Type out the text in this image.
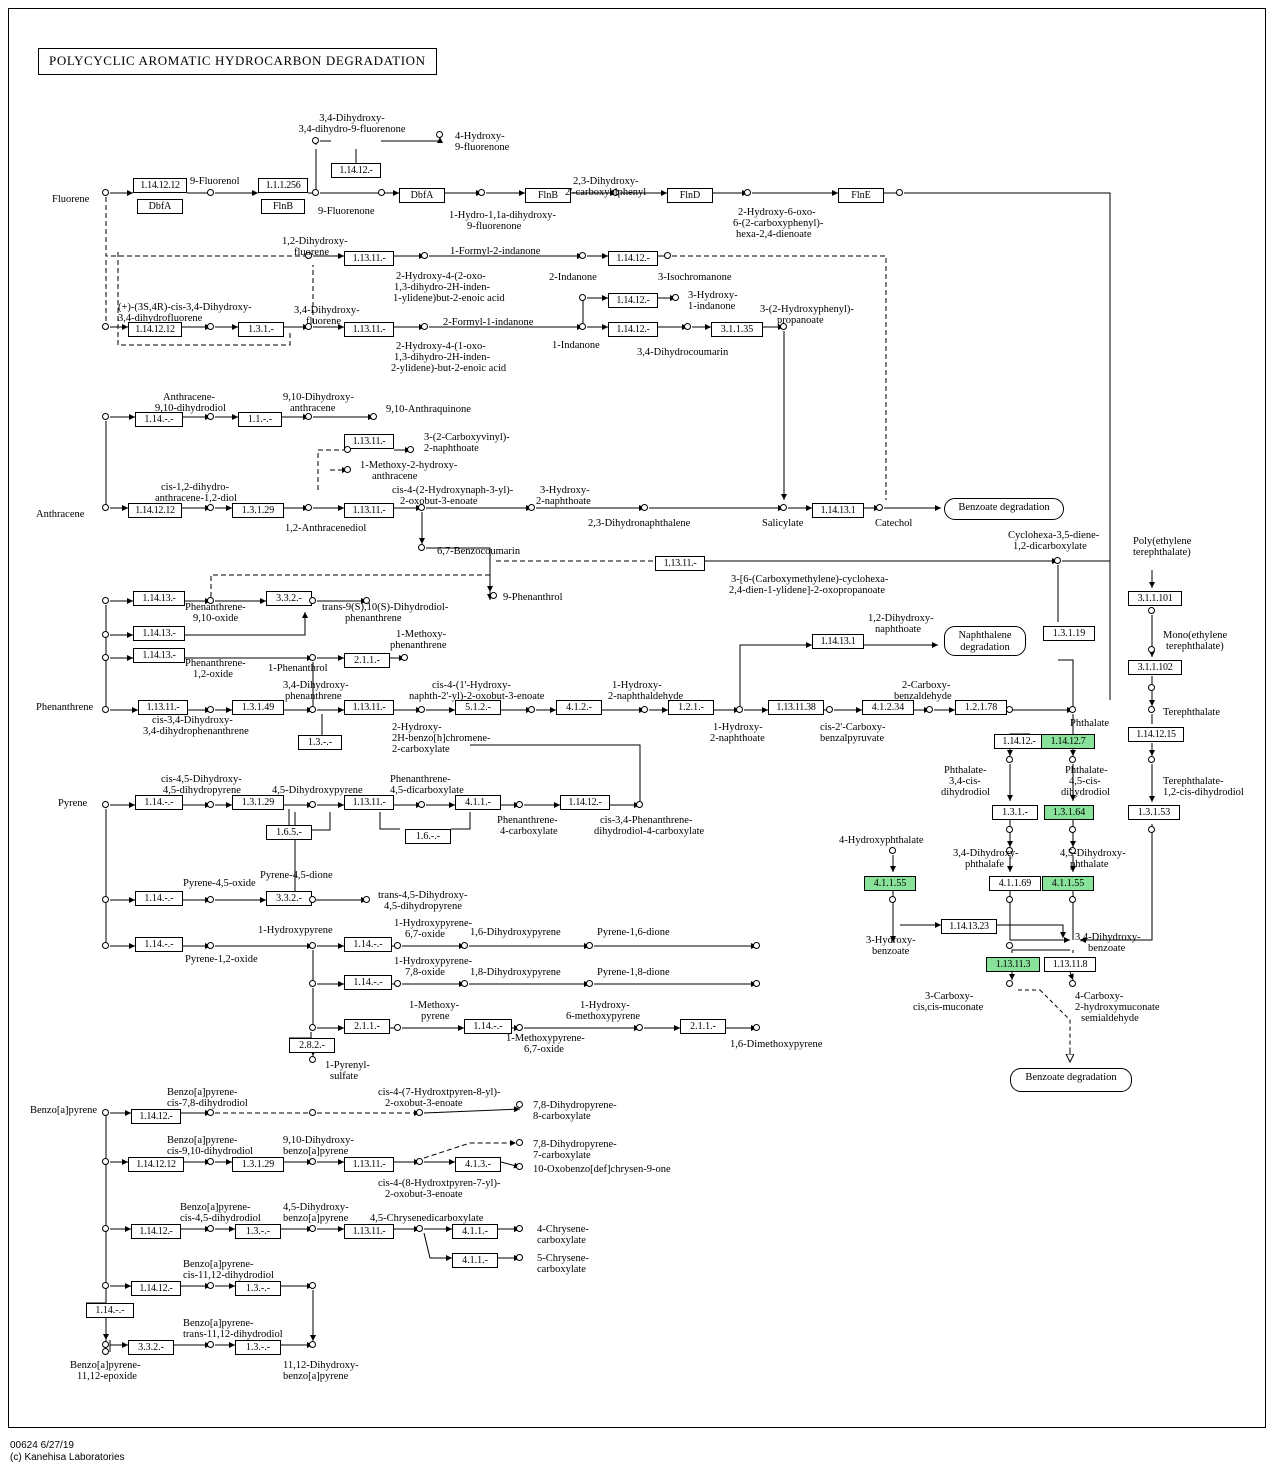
POLYCYCLIC AROMATIC HYDROCARBON DEGRADATION
1.14.12.12
DbfA
1.1.1.256
FlnB
1.14.12.-
DbfA	FlnB	FlnD	FlnE
1.13.11.-	1.14.12.-
1.14.12.12	1.3.1.-	1.13.11.-
1.14.12.-
1.14.12.-	3.1.1.35
1.14.-.-	1.1.-.-
1.13.11.-
1.14.12.12	1.3.1.29	1.13.11.-	1.14.13.1
1.13.11.-
1.14.13.-	3.3.2.-
1.14.13.-
1.14.13.-	2.1.1.-
1.14.13.1
1.3.1.19
3.1.1.101
3.1.1.102
1.13.11.-	1.3.1.49	1.13.11.-	5.1.2.-	4.1.2.-	1.2.1.-	1.13.11.38	4.1.2.34	1.2.1.78
1.14.12.15
1.3.-.-	1.14.12.-	1.14.12.7
1.14.-.-	1.3.1.29	1.13.11.-	4.1.1.-	1.14.12.-
1.3.1.-	1.3.1.64	1.3.1.53
1.6.5.-	1.6.-.-
1.14.-.-	3.3.2.-
4.1.1.55	4.1.1.69	4.1.1.55
1.14.-.-	1.14.-.-
1.14.13.23
1.14.-.-
1.13.11.3	1.13.11.8
2.1.1.-	1.14.-.-	2.1.1.-
2.8.2.-
1.14.12.-
1.14.12.12	1.3.1.29	1.13.11.-	4.1.3.-
1.14.12.-	1.3.-.-	1.13.11.-	4.1.1.-
4.1.1.-
1.14.12.-	1.3.-.-
1.14.-.-
3.3.2.-	1.3.-.-
Fluorene
9-Fluorenol
9-Fluorenone
3,4-Dihydroxy-
3,4-dihydro-9-fluorenone
4-Hydroxy-
9-fluorenone
1-Hydro-1,1a-dihydroxy-
9-fluorenone
2,3-Dihydroxy-
2'-carboxybiphenyl
2-Hydroxy-6-oxo-
6-(2-carboxyphenyl)-
hexa-2,4-dienoate
1,2-Dihydroxy-
fluorene	1-Formyl-2-indanone
2-Indanone	3-Isochromanone
2-Hydroxy-4-(2-oxo-
1,3-dihydro-2H-inden-
1-ylidene)but-2-enoic acid
(+)-(3S,4R)-cis-3,4-Dihydroxy-
3,4-dihydrofluorene
3,4-Dihydroxy-
fluorene	2-Formyl-1-indanone
3-Hydroxy-
1-indanone 3-(2-Hydroxyphenyl)-
propanoate
1-Indanone
3,4-Dihydrocoumarin
2-Hydroxy-4-(1-oxo-
1,3-dihydro-2H-inden-
2-ylidene)-but-2-enoic acid
Anthracene-
9,10-dihydrodiol
9,10-Dihydroxy-
anthracene	9,10-Anthraquinone
3-(2-Carboxyvinyl)-
2-naphthoate
1-Methoxy-2-hydroxy-
anthracene
cis-1,2-dihydro-
anthracene-1,2-diol
cis-4-(2-Hydroxynaph-3-yl)-
2-oxobut-3-enoate
3-Hydroxy-
2-naphthoate
Anthracene
1,2-Anthracenediol	2,3-Dihydronaphthalene	Salicylate	Catechol
6,7-Benzocoumarin
Cyclohexa-3,5-diene-
1,2-dicarboxylate	Poly(ethylene
terephthalate)
3-[6-(Carboxymethylene)-cyclohexa-
2,4-dien-1-ylidene]-2-oxopropanoate
9-Phenanthrol
Phenanthrene-
9,10-oxide
trans-9(S),10(S)-Dihydrodiol-
phenanthrene
1-Methoxy-
phenanthrene
1,2-Dihydroxy-
naphthoate
Mono(ethylene
terephthalate)
Phenanthrene-
1,2-oxide
1-Phenanthrol
3,4-Dihydroxy-
phenanthrene
cis-4-(1'-Hydroxy-
naphth-2'-yl)-2-oxobut-3-enoate
1-Hydroxy-
2-naphthaldehyde
2-Carboxy-
benzaldehyde
Terephthalate
Phenanthrene
cis-3,4-Dihydroxy-
3,4-dihydrophenanthrene	2-Hydroxy-
2H-benzo[h]chromene-
2-carboxylate
1-Hydroxy-
2-naphthoate
cis-2'-Carboxy-
benzalpyruvate
Phthalate
cis-4,5-Dihydroxy-
4,5-dihydropyrene	4,5-Dihydroxypyrene
Phenanthrene-
4,5-dicarboxylate
Phthalate-
3,4-cis-
dihydrodiol
Phthalate-
4,5-cis-
dihydrodiol
Terephthalate-
1,2-cis-dihydrodiol
Pyrene
Phenanthrene-
4-carboxylate
cis-3,4-Phenanthrene-
dihydrodiol-4-carboxylate
4-Hydroxyphthalate
3,4-Dihydroxy-
phthalafe
4,5-Dihydroxy-
phthalate
Pyrene-4,5-dione
Pyrene-4,5-oxide
trans-4,5-Dihydroxy-
4,5-dihydropyrene
3-Hydroxy-
benzoate
3,4-Dihydroxy-
benzoate
1-Hydroxypyrene
1-Hydroxypyrene-
6,7-oxide 1,6-Dihydroxypyrene	Pyrene-1,6-dione
Pyrene-1,2-oxide	1-Hydroxypyrene-
7,8-oxide 1,8-Dihydroxypyrene	Pyrene-1,8-dione
3-Carboxy-
cis,cis-muconate
4-Carboxy-
2-hydroxymuconate
semialdehyde
1-Methoxy-
pyrene
1-Hydroxy-
6-methoxypyrene
1-Methoxypyrene-
6,7-oxide	1,6-Dimethoxypyrene
1-Pyrenyl-
sulfate
Benzo[a]pyrene-
cis-7,8-dihydrodiol
cis-4-(7-Hydroxtpyren-8-yl)-
2-oxobut-3-enoate	7,8-Dihydropyrene-
8-carboxylate
Benzo[a]pyrene
Benzo[a]pyrene-
cis-9,10-dihydrodiol
9,10-Dihydroxy-
benzo[a]pyrene
7,8-Dihydropyrene-
7-carboxylate
10-Oxobenzo[def]chrysen-9-one
cis-4-(8-Hydroxtpyren-7-yl)-
2-oxobut-3-enoate
Benzo[a]pyrene-
cis-4,5-dihydrodiol
4,5-Dihydroxy-
benzo[a]pyrene 4,5-Chrysenedicarboxylate
4-Chrysene-
carboxylate
5-Chrysene-
carboxylate
Benzo[a]pyrene-
cis-11,12-dihydrodiol
Benzo[a]pyrene-
trans-11,12-dihydrodiol
11,12-Dihydroxy-
benzo[a]pyrene
Benzo[a]pyrene-
11,12-epoxide
Benzoate degradation
Naphthalene
degradation
Benzoate degradation
00624 6/27/19
(c) Kanehisa Laboratories
